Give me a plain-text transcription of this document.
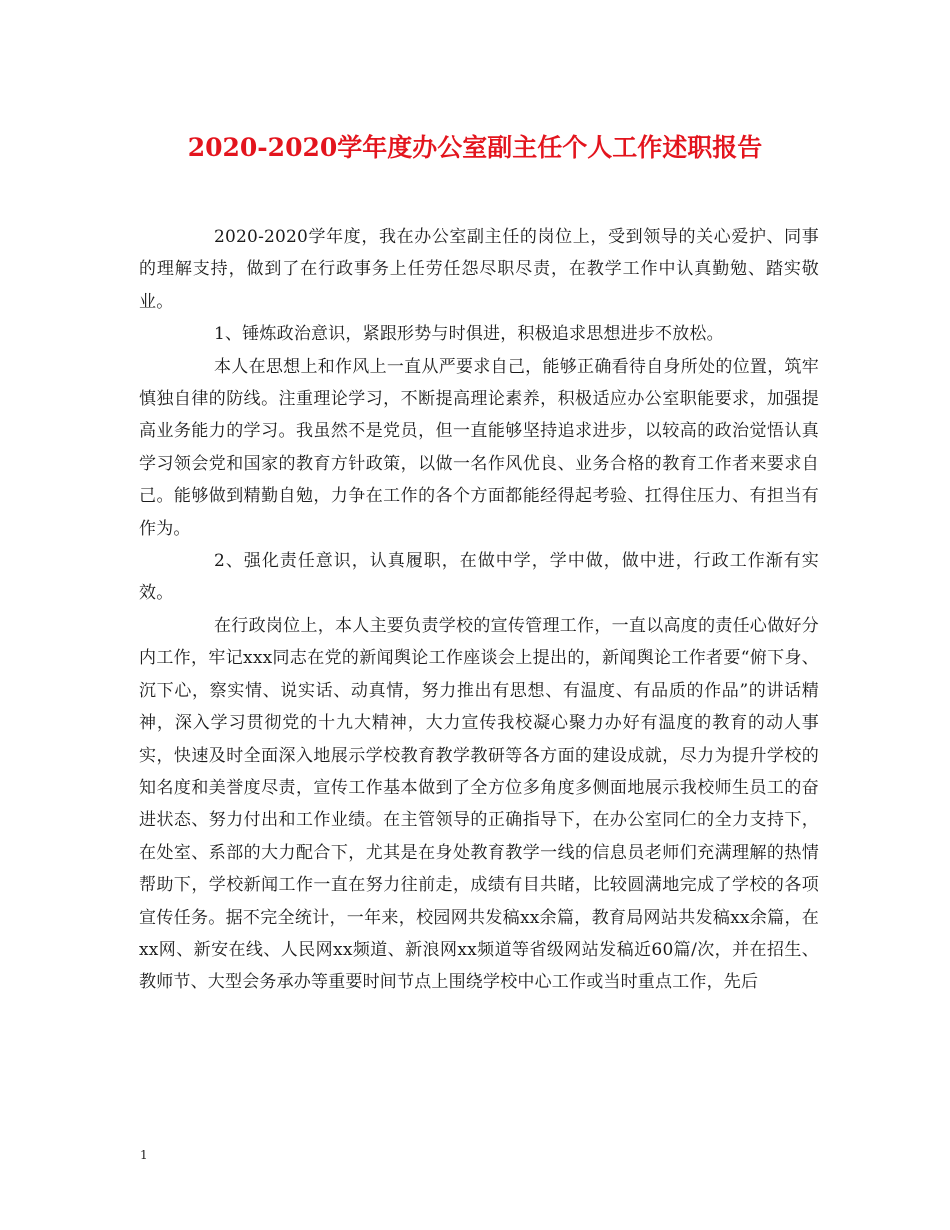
2020-2020学年度办公室副主任个人工作述职报告

2020-2020学年度，我在办公室副主任的岗位上，受到领导的关心爱护、同事的理解支持，做到了在行政事务上任劳任怨尽职尽责，在教学工作中认真勤勉、踏实敬业。

1、锤炼政治意识，紧跟形势与时俱进，积极追求思想进步不放松。

本人在思想上和作风上一直从严要求自己，能够正确看待自身所处的位置，筑牢慎独自律的防线。注重理论学习，不断提高理论素养，积极适应办公室职能要求，加强提高业务能力的学习。我虽然不是党员，但一直能够坚持追求进步，以较高的政治觉悟认真学习领会党和国家的教育方针政策，以做一名作风优良、业务合格的教育工作者来要求自己。能够做到精勤自勉，力争在工作的各个方面都能经得起考验、扛得住压力、有担当有作为。

2、强化责任意识，认真履职，在做中学，学中做，做中进，行政工作渐有实效。

在行政岗位上，本人主要负责学校的宣传管理工作，一直以高度的责任心做好分内工作，牢记xxx同志在党的新闻舆论工作座谈会上提出的，新闻舆论工作者要“俯下身、沉下心，察实情、说实话、动真情，努力推出有思想、有温度、有品质的作品”的讲话精神，深入学习贯彻党的十九大精神，大力宣传我校凝心聚力办好有温度的教育的动人事实，快速及时全面深入地展示学校教育教学教研等各方面的建设成就，尽力为提升学校的知名度和美誉度尽责，宣传工作基本做到了全方位多角度多侧面地展示我校师生员工的奋进状态、努力付出和工作业绩。在主管领导的正确指导下，在办公室同仁的全力支持下，在处室、系部的大力配合下，尤其是在身处教育教学一线的信息员老师们充满理解的热情帮助下，学校新闻工作一直在努力往前走，成绩有目共睹，比较圆满地完成了学校的各项宣传任务。据不完全统计，一年来，校园网共发稿xx余篇，教育局网站共发稿xx余篇，在xx网、新安在线、人民网xx频道、新浪网xx频道等省级网站发稿近60篇/次，并在招生、教师节、大型会务承办等重要时间节点上围绕学校中心工作或当时重点工作，先后

1
